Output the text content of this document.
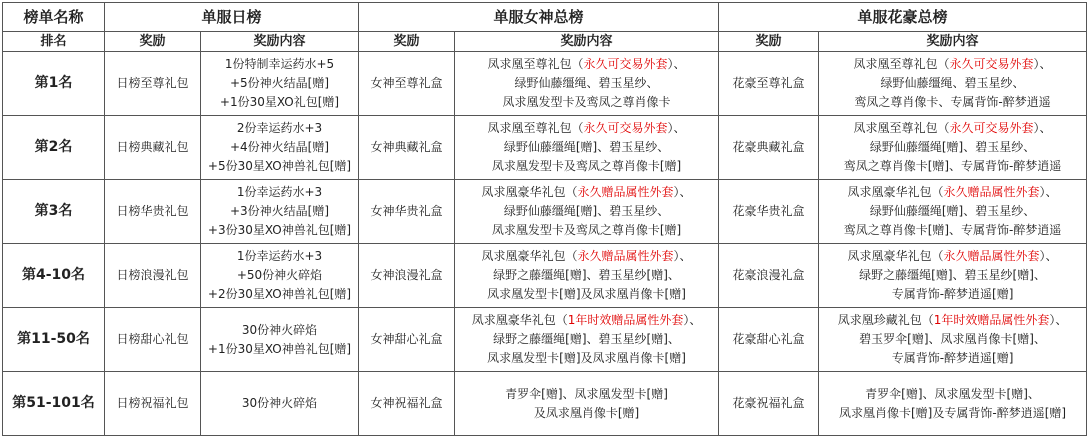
榜单名称	单服日榜		单服女神总榜		单服花豪总榜	
排名	奖励	奖励内容	奖励	奖励内容	奖励	奖励内容
第1名	日榜至尊礼包	1份特制幸运药水+5
+5份神火结晶[赠]
+1份30星XO礼包[赠]	女神至尊礼盒	凤求凰至尊礼包（永久可交易外套）、
绿野仙藤缰绳、碧玉星纱、
凤求凰发型卡及鸾凤之尊肖像卡	花豪至尊礼盒	凤求凰至尊礼包（永久可交易外套）、
绿野仙藤缰绳、碧玉星纱、
鸾凤之尊肖像卡、专属背饰-醉梦逍遥

第2名	日榜典藏礼包	2份幸运药水+3
+4份神火结晶[赠]
+5份30星XO神兽礼包[赠]	女神典藏礼盒	凤求凰至尊礼包（永久可交易外套）、
绿野仙藤缰绳[赠]、碧玉星纱、
凤求凰发型卡及鸾凤之尊肖像卡[赠]	花豪典藏礼盒	凤求凰至尊礼包（永久可交易外套）、
绿野仙藤缰绳[赠]、碧玉星纱、
鸾凤之尊肖像卡[赠]、专属背饰-醉梦逍遥

第3名	日榜华贵礼包	1份幸运药水+3
+3份神火结晶[赠]
+3份30星XO神兽礼包[赠]	女神华贵礼盒	凤求凰豪华礼包（永久赠品属性外套）、
绿野仙藤缰绳[赠]、碧玉星纱、
凤求凰发型卡及鸾凤之尊肖像卡[赠]	花豪华贵礼盒	凤求凰豪华礼包（永久赠品属性外套）、
绿野仙藤缰绳[赠]、碧玉星纱、
鸾凤之尊肖像卡[赠]、专属背饰-醉梦逍遥

第4-10名	日榜浪漫礼包	1份幸运药水+3
+50份神火碎焰
+2份30星XO神兽礼包[赠]	女神浪漫礼盒	凤求凰豪华礼包（永久赠品属性外套）、
绿野之藤缰绳[赠]、碧玉星纱[赠]、
凤求凰发型卡[赠]及凤求凰肖像卡[赠]	花豪浪漫礼盒	凤求凰豪华礼包（永久赠品属性外套）、
绿野之藤缰绳[赠]、碧玉星纱[赠]、
专属背饰-醉梦逍遥[赠]

第11-50名	日榜甜心礼包	30份神火碎焰
+1份30星XO神兽礼包[赠]	女神甜心礼盒	凤求凰豪华礼包（1年时效赠品属性外套）、
绿野之藤缰绳[赠]、碧玉星纱[赠]、
凤求凰发型卡[赠]及凤求凰肖像卡[赠]	花豪甜心礼盒	凤求凰珍藏礼包（1年时效赠品属性外套）、
碧玉罗伞[赠]、凤求凰肖像卡[赠]、
专属背饰-醉梦逍遥[赠]

第51-101名	日榜祝福礼包	30份神火碎焰	女神祝福礼盒	青罗伞[赠]、凤求凰发型卡[赠]
及凤求凰肖像卡[赠]	花豪祝福礼盒	青罗伞[赠]、凤求凰发型卡[赠]、
凤求凰肖像卡[赠]及专属背饰-醉梦逍遥[赠]
